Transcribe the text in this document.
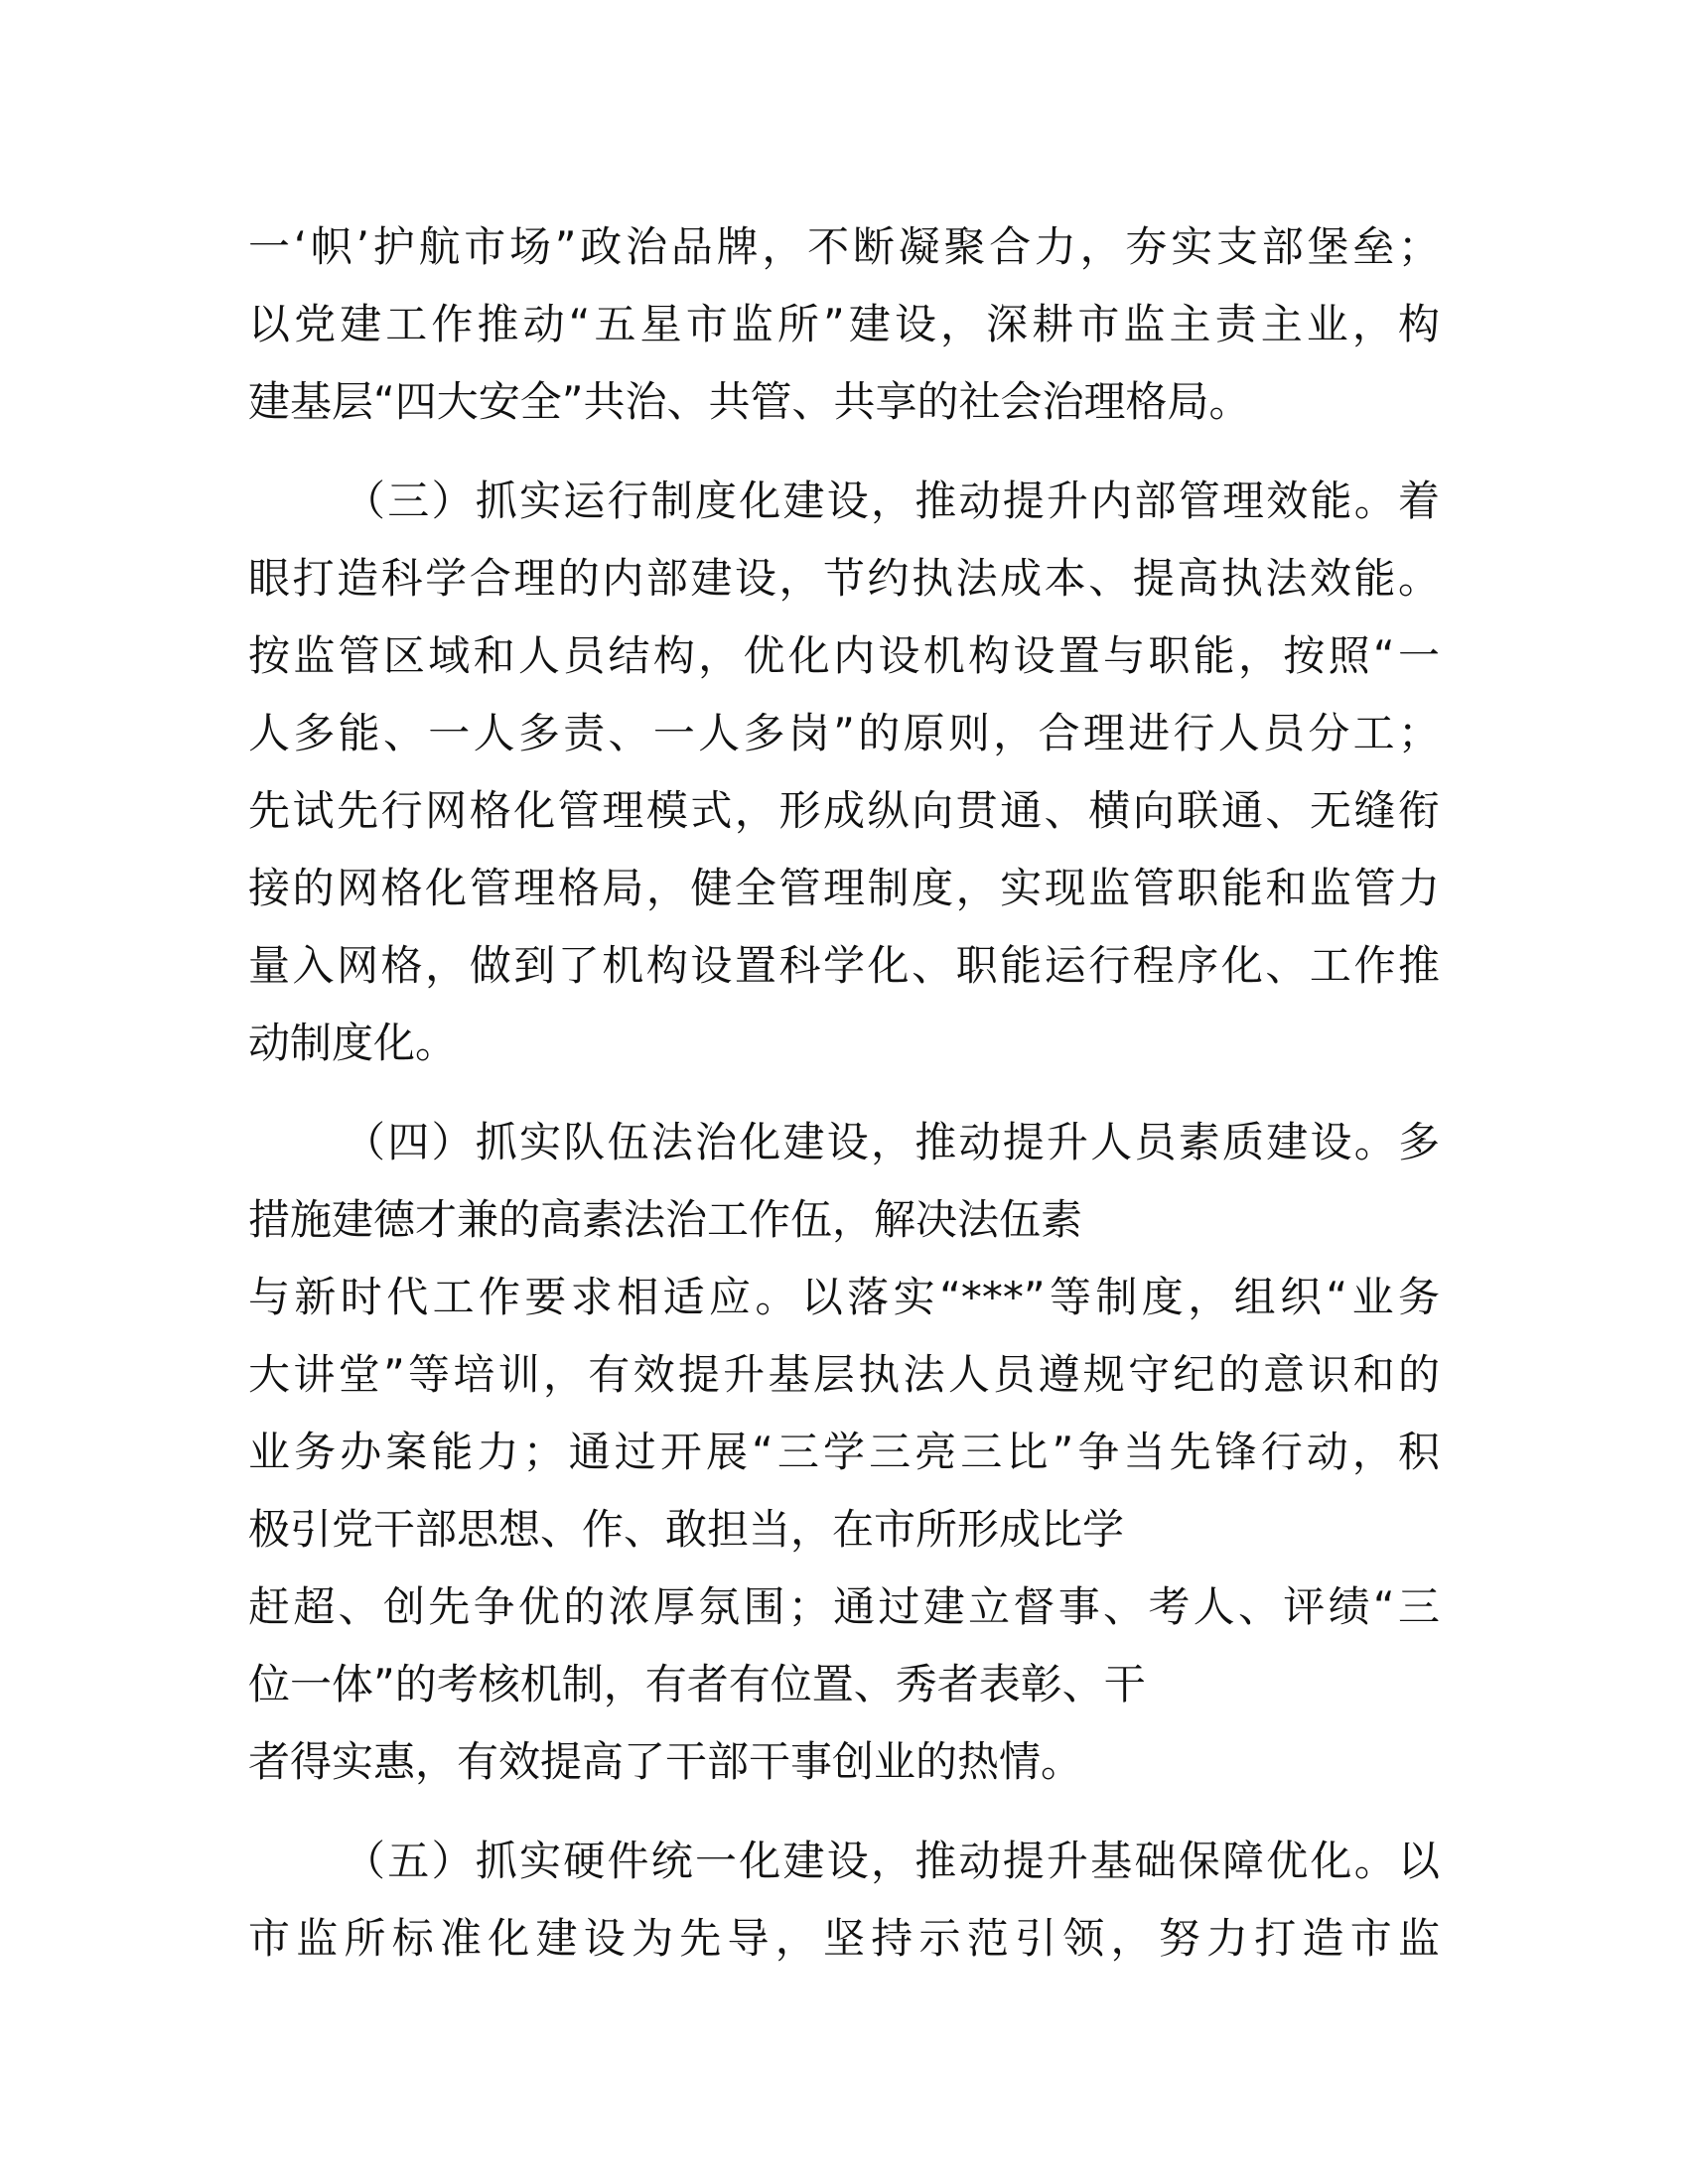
一‘帜’护航市场”政治品牌，不断凝聚合力，夯实支部堡垒；
以党建工作推动“五星市监所”建设，深耕市监主责主业，构
建基层“四大安全”共治、共管、共享的社会治理格局。
（三）抓实运行制度化建设，推动提升内部管理效能。着
眼打造科学合理的内部建设，节约执法成本、提高执法效能。
按监管区域和人员结构，优化内设机构设置与职能，按照“一
人多能、一人多责、一人多岗”的原则，合理进行人员分工；
先试先行网格化管理模式，形成纵向贯通、横向联通、无缝衔
接的网格化管理格局，健全管理制度，实现监管职能和监管力
量入网格，做到了机构设置科学化、职能运行程序化、工作推
动制度化。
（四）抓实队伍法治化建设，推动提升人员素质建设。多
措施建德才兼的高素法治工作伍，解决法伍素
与新时代工作要求相适应。以落实“***”等制度，组织“业务
大讲堂”等培训，有效提升基层执法人员遵规守纪的意识和的
业务办案能力；通过开展“三学三亮三比”争当先锋行动，积
极引党干部思想、作、敢担当，在市所形成比学
赶超、创先争优的浓厚氛围；通过建立督事、考人、评绩“三
位一体”的考核机制，有者有位置、秀者表彰、干
者得实惠，有效提高了干部干事创业的热情。
（五）抓实硬件统一化建设，推动提升基础保障优化。以
市监所标准化建设为先导，坚持示范引领，努力打造市监
